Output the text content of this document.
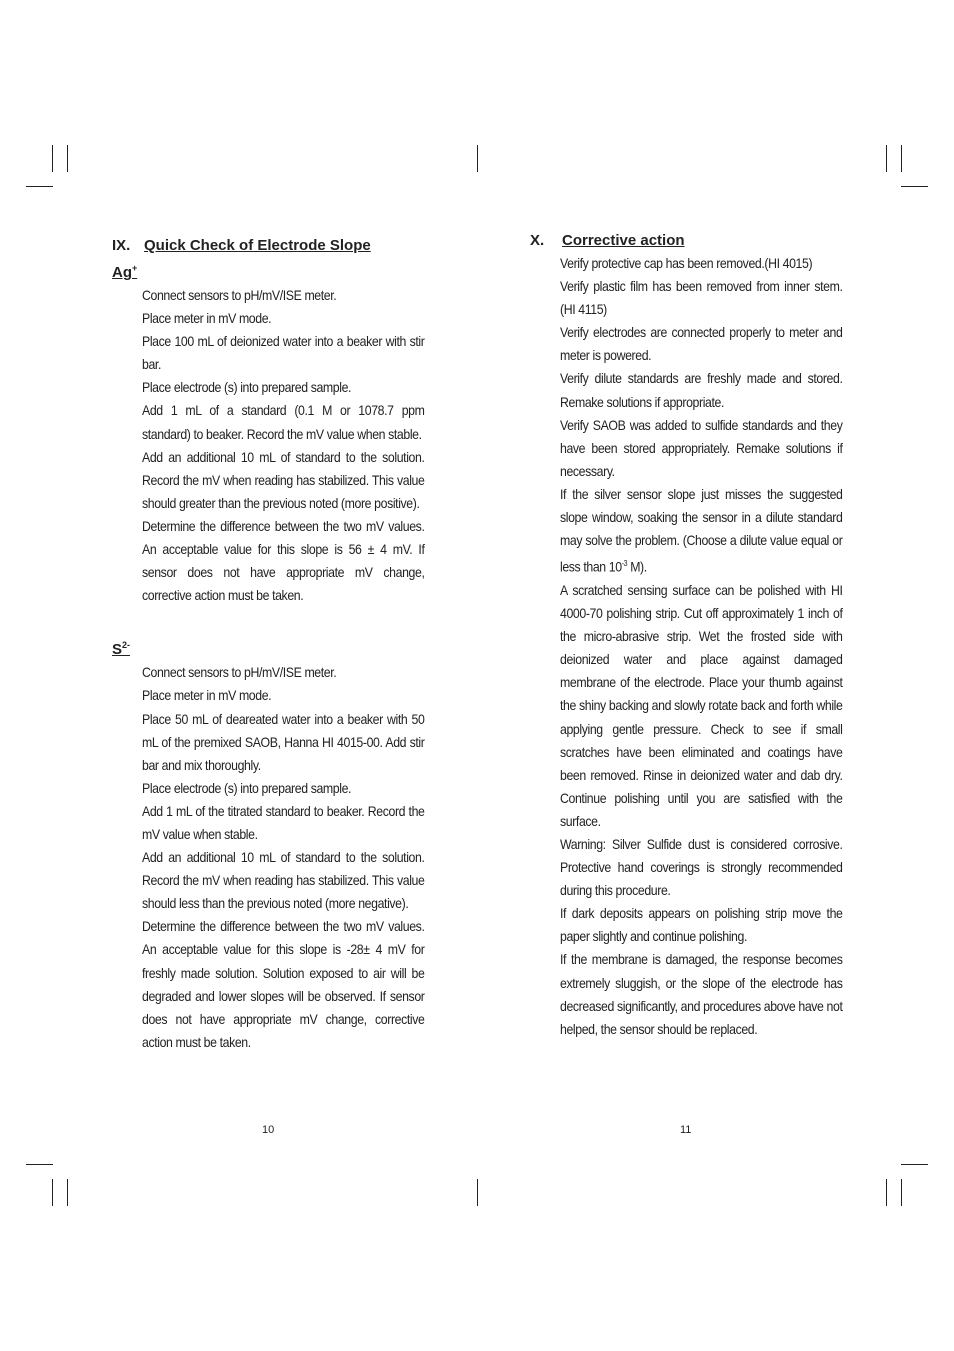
IX. Quick Check of Electrode Slope
Ag+

Connect sensors to pH/mV/ISE meter.

Place meter in mV mode.

Place 100 mL of deionized water into a beaker with stir bar.

Place electrode (s) into prepared sample.

Add 1 mL of a standard (0.1 M or 1078.7 ppm standard) to beaker. Record the mV value when stable.

Add an additional 10 mL of standard to the solution. Record the mV when reading has stabilized. This value should greater than the previous noted (more positive).

Determine the difference between the two mV values. An acceptable value for this slope is 56 ± 4 mV. If sensor does not have appropriate mV change, corrective action must be taken.

$S^{2-}$

Connect sensors to pH/mV/ISE meter.

Place meter in mV mode.

Place 50 mL of deareated water into a beaker with 50 mL of the premixed SAOB, Hanna HI 4015-00. Add stir bar and mix thoroughly.

Place electrode (s) into prepared sample.

Add 1 mL of the titrated standard to beaker. Record the mV value when stable.

Add an additional 10 mL of standard to the solution. Record the mV when reading has stabilized. This value should less than the previous noted (more negative).

Determine the difference between the two mV values. An acceptable value for this slope is -28± 4 mV for freshly made solution. Solution exposed to air will be degraded and lower slopes will be observed. If sensor does not have appropriate mV change, corrective action must be taken.

10
X. Corrective action

Verify protective cap has been removed.(HI 4015)

Verify plastic film has been removed from inner stem.(HI 4115)

Verify electrodes are connected properly to meter and meter is powered.

Verify dilute standards are freshly made and stored. Remake solutions if appropriate.

Verify SAOB was added to sulfide standards and they have been stored appropriately. Remake solutions if necessary.

If the silver sensor slope just misses the suggested slope window, soaking the sensor in a dilute standard may solve the problem. (Choose a dilute value equal or less than $10^{-3}$ M).

A scratched sensing surface can be polished with HI 4000-70 polishing strip. Cut off approximately 1 inch of the micro-abrasive strip. Wet the frosted side with deionized water and place against damaged membrane of the electrode. Place your thumb against the shiny backing and slowly rotate back and forth while applying gentle pressure. Check to see if small scratches have been eliminated and coatings have been removed. Rinse in deionized water and dab dry. Continue polishing until you are satisfied with the surface.

Warning: Silver Sulfide dust is considered corrosive. Protective hand coverings is strongly recommended during this procedure.

If dark deposits appears on polishing strip move the paper slightly and continue polishing.

If the membrane is damaged, the response becomes extremely sluggish, or the slope of the electrode has decreased significantly, and procedures above have not helped, the sensor should be replaced.

11
